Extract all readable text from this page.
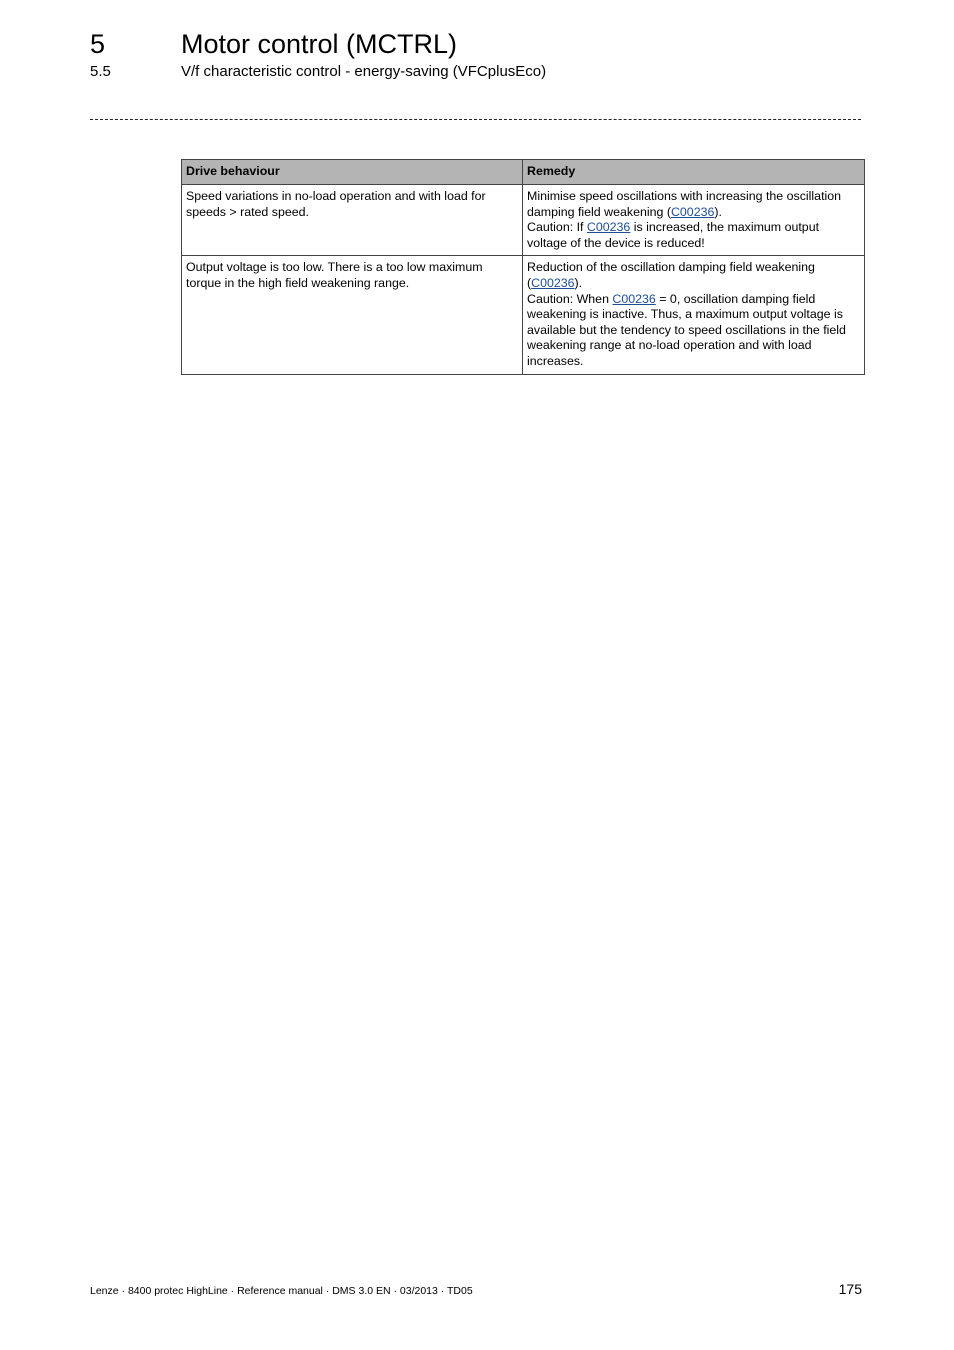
5	Motor control (MCTRL)
5.5	V/f characteristic control - energy-saving (VFCplusEco)
Drive behaviour	Remedy
Speed variations in no-load operation and with load for speeds > rated speed.	Minimise speed oscillations with increasing the oscillation damping field weakening (C00236).
Caution: If C00236 is increased, the maximum output voltage of the device is reduced!

Output voltage is too low. There is a too low maximum torque in the high field weakening range.	Reduction of the oscillation damping field weakening (C00236).
Caution: When C00236 = 0, oscillation damping field weakening is inactive. Thus, a maximum output voltage is available but the tendency to speed oscillations in the field weakening range at no-load operation and with load increases.
Lenze · 8400 protec HighLine · Reference manual · DMS 3.0 EN · 03/2013 · TD05	175
